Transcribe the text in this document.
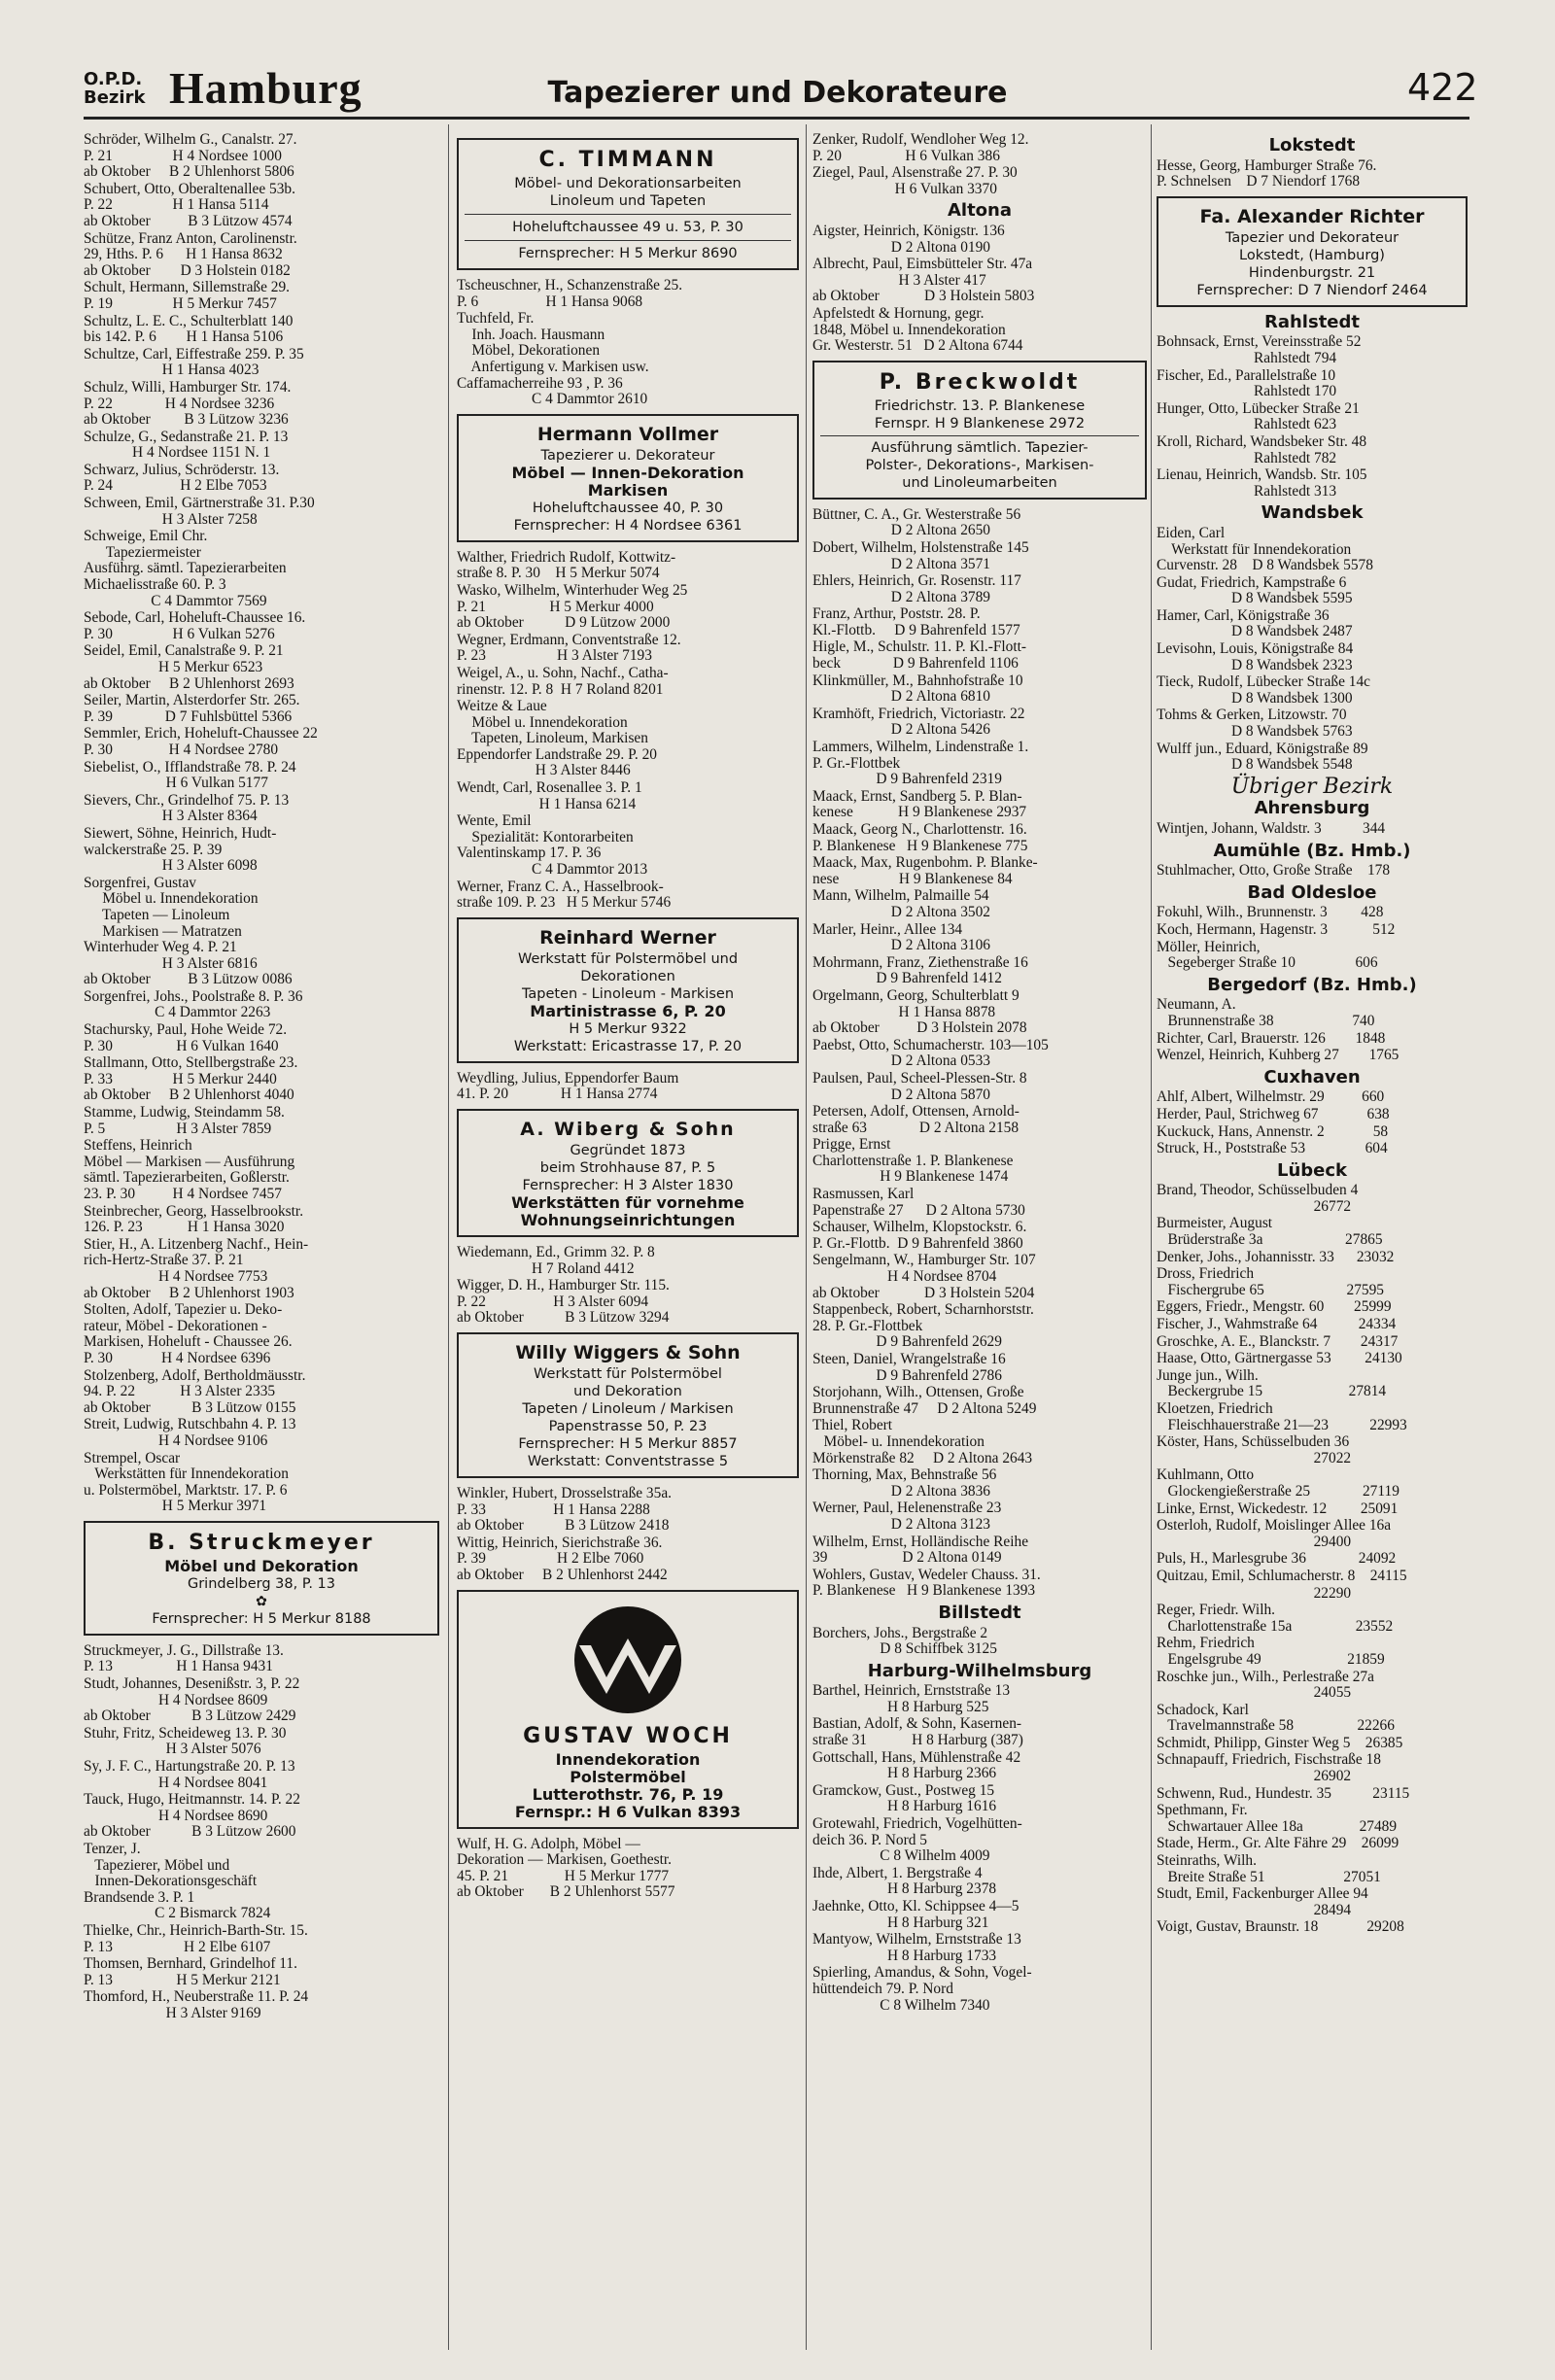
O.P.D. Bezirk Hamburg	Tapezierer und Dekorateure	422
Schröder, Wilhelm G., Canalstr. 27.
P. 21                H 4 Nordsee 1000
ab Oktober     B 2 Uhlenhorst 5806
Schubert, Otto, Oberaltenallee 53b.
P. 22                H 1 Hansa 5114
ab Oktober          B 3 Lützow 4574
Schütze, Franz Anton, Carolinenstr.
29, Hths. P. 6      H 1 Hansa 8632
ab Oktober        D 3 Holstein 0182
Schult, Hermann, Sillemstraße 29.
P. 19                H 5 Merkur 7457
Schultz, L. E. C., Schulterblatt 140
bis 142. P. 6        H 1 Hansa 5106
Schultze, Carl, Eiffestraße 259. P. 35
H 1 Hansa 4023
Schulz, Willi, Hamburger Str. 174.
P. 22              H 4 Nordsee 3236
ab Oktober         B 3 Lützow 3236
Schulze, G., Sedanstraße 21. P. 13
H 4 Nordsee 1151 N. 1
Schwarz, Julius, Schröderstr. 13.
P. 24                  H 2 Elbe 7053
Schween, Emil, Gärtnerstraße 31. P.30
H 3 Alster 7258
Schweige, Emil Chr.
Tapeziermeister
Ausführg. sämtl. Tapezierarbeiten
Michaelisstraße 60. P. 3
C 4 Dammtor 7569
Sebode, Carl, Hoheluft-Chaussee 16.
P. 30                H 6 Vulkan 5276
Seidel, Emil, Canalstraße 9. P. 21
H 5 Merkur 6523
ab Oktober     B 2 Uhlenhorst 2693
Seiler, Martin, Alsterdorfer Str. 265.
P. 39              D 7 Fuhlsbüttel 5366
Semmler, Erich, Hoheluft-Chaussee 22
P. 30               H 4 Nordsee 2780
Siebelist, O., Ifflandstraße 78. P. 24
H 6 Vulkan 5177
Sievers, Chr., Grindelhof 75. P. 13
H 3 Alster 8364
Siewert, Söhne, Heinrich, Hudt-
walckerstraße 25. P. 39
H 3 Alster 6098
Sorgenfrei, Gustav
Möbel u. Innendekoration
Tapeten — Linoleum
Markisen — Matratzen
Winterhuder Weg 4. P. 21
H 3 Alster 6816
ab Oktober          B 3 Lützow 0086
Sorgenfrei, Johs., Poolstraße 8. P. 36
C 4 Dammtor 2263
Stachursky, Paul, Hohe Weide 72.
P. 30                 H 6 Vulkan 1640
Stallmann, Otto, Stellbergstraße 23.
P. 33                H 5 Merkur 2440
ab Oktober     B 2 Uhlenhorst 4040
Stamme, Ludwig, Steindamm 58.
P. 5                   H 3 Alster 7859
Steffens, Heinrich
Möbel — Markisen — Ausführung
sämtl. Tapezierarbeiten, Goßlerstr.
23. P. 30          H 4 Nordsee 7457
Steinbrecher, Georg, Hasselbrookstr.
126. P. 23            H 1 Hansa 3020
Stier, H., A. Litzenberg Nachf., Hein-
rich-Hertz-Straße 37. P. 21
H 4 Nordsee 7753
ab Oktober     B 2 Uhlenhorst 1903
Stolten, Adolf, Tapezier u. Deko-
rateur, Möbel - Dekorationen -
Markisen, Hoheluft - Chaussee 26.
P. 30             H 4 Nordsee 6396
Stolzenberg, Adolf, Bertholdmäusstr.
94. P. 22            H 3 Alster 2335
ab Oktober           B 3 Lützow 0155
Streit, Ludwig, Rutschbahn 4. P. 13
H 4 Nordsee 9106
Strempel, Oscar
Werkstätten für Innendekoration
u. Polstermöbel, Marktstr. 17. P. 6
H 5 Merkur 3971
B. Struckmeyer
Möbel und Dekoration
Grindelberg 38, P. 13
✿
Fernsprecher: H 5 Merkur 8188
Struckmeyer, J. G., Dillstraße 13.
P. 13                 H 1 Hansa 9431
Studt, Johannes, Desenißstr. 3, P. 22
H 4 Nordsee 8609
ab Oktober           B 3 Lützow 2429
Stuhr, Fritz, Scheideweg 13. P. 30
H 3 Alster 5076
Sy, J. F. C., Hartungstraße 20. P. 13
H 4 Nordsee 8041
Tauck, Hugo, Heitmannstr. 14. P. 22
H 4 Nordsee 8690
ab Oktober           B 3 Lützow 2600
Tenzer, J.
Tapezierer, Möbel und
Innen-Dekorationsgeschäft
Brandsende 3. P. 1
C 2 Bismarck 7824
Thielke, Chr., Heinrich-Barth-Str. 15.
P. 13                   H 2 Elbe 6107
Thomsen, Bernhard, Grindelhof 11.
P. 13                 H 5 Merkur 2121
Thomford, H., Neuberstraße 11. P. 24
H 3 Alster 9169
C. TIMMANN
Möbel- und Dekorationsarbeiten
Linoleum und Tapeten
Hoheluftchaussee 49 u. 53, P. 30
Fernsprecher: H 5 Merkur 8690
Tscheuschner, H., Schanzenstraße 25.
P. 6                  H 1 Hansa 9068
Tuchfeld, Fr.
Inh. Joach. Hausmann
Möbel, Dekorationen
Anfertigung v. Markisen usw.
Caffamacherreihe 93 , P. 36
C 4 Dammtor 2610
Hermann Vollmer
Tapezierer u. Dekorateur
Möbel — Innen-Dekoration
Markisen
Hoheluftchaussee 40, P. 30
Fernsprecher: H 4 Nordsee 6361
Walther, Friedrich Rudolf, Kottwitz-
straße 8. P. 30    H 5 Merkur 5074
Wasko, Wilhelm, Winterhuder Weg 25
P. 21                 H 5 Merkur 4000
ab Oktober           D 9 Lützow 2000
Wegner, Erdmann, Conventstraße 12.
P. 23                   H 3 Alster 7193
Weigel, A., u. Sohn, Nachf., Catha-
rinenstr. 12. P. 8  H 7 Roland 8201
Weitze & Laue
Möbel u. Innendekoration
Tapeten, Linoleum, Markisen
Eppendorfer Landstraße 29. P. 20
H 3 Alster 8446
Wendt, Carl, Rosenallee 3. P. 1
H 1 Hansa 6214
Wente, Emil
Spezialität: Kontorarbeiten
Valentinskamp 17. P. 36
C 4 Dammtor 2013
Werner, Franz C. A., Hasselbrook-
straße 109. P. 23   H 5 Merkur 5746
Reinhard Werner
Werkstatt für Polstermöbel und
Dekorationen
Tapeten - Linoleum - Markisen
Martinistrasse 6, P. 20
H 5 Merkur 9322
Werkstatt: Ericastrasse 17, P. 20
Weydling, Julius, Eppendorfer Baum
41. P. 20              H 1 Hansa 2774
A. Wiberg & Sohn
Gegründet 1873
beim Strohhause 87, P. 5
Fernsprecher: H 3 Alster 1830
Werkstätten für vornehme
Wohnungseinrichtungen
Wiedemann, Ed., Grimm 32. P. 8
H 7 Roland 4412
Wigger, D. H., Hamburger Str. 115.
P. 22                  H 3 Alster 6094
ab Oktober           B 3 Lützow 3294
Willy Wiggers & Sohn
Werkstatt für Polstermöbel
und Dekoration
Tapeten / Linoleum / Markisen
Papenstrasse 50, P. 23
Fernsprecher: H 5 Merkur 8857
Werkstatt: Conventstrasse 5
Winkler, Hubert, Drosselstraße 35a.
P. 33                  H 1 Hansa 2288
ab Oktober           B 3 Lützow 2418
Wittig, Heinrich, Sierichstraße 36.
P. 39                   H 2 Elbe 7060
ab Oktober     B 2 Uhlenhorst 2442
GUSTAV WOCH
Innendekoration
Polstermöbel
Lutterothstr. 76, P. 19
Fernspr.: H 6 Vulkan 8393
Wulf, H. G. Adolph, Möbel —
Dekoration — Markisen, Goethestr.
45. P. 21               H 5 Merkur 1777
ab Oktober       B 2 Uhlenhorst 5577
Zenker, Rudolf, Wendloher Weg 12.
P. 20                 H 6 Vulkan 386
Ziegel, Paul, Alsenstraße 27. P. 30
H 6 Vulkan 3370
Altona
Aigster, Heinrich, Königstr. 136
D 2 Altona 0190
Albrecht, Paul, Eimsbütteler Str. 47a
H 3 Alster 417
ab Oktober            D 3 Holstein 5803
Apfelstedt & Hornung, gegr.
1848, Möbel u. Innendekoration
Gr. Westerstr. 51   D 2 Altona 6744
P. Breckwoldt
Friedrichstr. 13. P. Blankenese
Fernspr. H 9 Blankenese 2972
Ausführung sämtlich. Tapezier-
Polster-, Dekorations-, Markisen-
und Linoleumarbeiten
Büttner, C. A., Gr. Westerstraße 56
D 2 Altona 2650
Dobert, Wilhelm, Holstenstraße 145
D 2 Altona 3571
Ehlers, Heinrich, Gr. Rosenstr. 117
D 2 Altona 3789
Franz, Arthur, Poststr. 28. P.
Kl.-Flottb.     D 9 Bahrenfeld 1577
Higle, M., Schulstr. 11. P. Kl.-Flott-
beck              D 9 Bahrenfeld 1106
Klinkmüller, M., Bahnhofstraße 10
D 2 Altona 6810
Kramhöft, Friedrich, Victoriastr. 22
D 2 Altona 5426
Lammers, Wilhelm, Lindenstraße 1.
P. Gr.-Flottbek
D 9 Bahrenfeld 2319
Maack, Ernst, Sandberg 5. P. Blan-
kenese            H 9 Blankenese 2937
Maack, Georg N., Charlottenstr. 16.
P. Blankenese   H 9 Blankenese 775
Maack, Max, Rugenbohm. P. Blanke-
nese                H 9 Blankenese 84
Mann, Wilhelm, Palmaille 54
D 2 Altona 3502
Marler, Heinr., Allee 134
D 2 Altona 3106
Mohrmann, Franz, Ziethenstraße 16
D 9 Bahrenfeld 1412
Orgelmann, Georg, Schulterblatt 9
H 1 Hansa 8878
ab Oktober          D 3 Holstein 2078
Paebst, Otto, Schumacherstr. 103—105
D 2 Altona 0533
Paulsen, Paul, Scheel-Plessen-Str. 8
D 2 Altona 5870
Petersen, Adolf, Ottensen, Arnold-
straße 63              D 2 Altona 2158
Prigge, Ernst
Charlottenstraße 1. P. Blankenese
H 9 Blankenese 1474
Rasmussen, Karl
Papenstraße 27      D 2 Altona 5730
Schauser, Wilhelm, Klopstockstr. 6.
P. Gr.-Flottb.  D 9 Bahrenfeld 3860
Sengelmann, W., Hamburger Str. 107
H 4 Nordsee 8704
ab Oktober            D 3 Holstein 5204
Stappenbeck, Robert, Scharnhorststr.
28. P. Gr.-Flottbek
D 9 Bahrenfeld 2629
Steen, Daniel, Wrangelstraße 16
D 9 Bahrenfeld 2786
Storjohann, Wilh., Ottensen, Große
Brunnenstraße 47     D 2 Altona 5249
Thiel, Robert
Möbel- u. Innendekoration
Mörkenstraße 82     D 2 Altona 2643
Thorning, Max, Behnstraße 56
D 2 Altona 3836
Werner, Paul, Helenenstraße 23
D 2 Altona 3123
Wilhelm, Ernst, Holländische Reihe
39                    D 2 Altona 0149
Wohlers, Gustav, Wedeler Chauss. 31.
P. Blankenese   H 9 Blankenese 1393
Billstedt
Borchers, Johs., Bergstraße 2
D 8 Schiffbek 3125
Harburg-Wilhelmsburg
Barthel, Heinrich, Ernststraße 13
H 8 Harburg 525
Bastian, Adolf, & Sohn, Kasernen-
straße 31            H 8 Harburg (387)
Gottschall, Hans, Mühlenstraße 42
H 8 Harburg 2366
Gramckow, Gust., Postweg 15
H 8 Harburg 1616
Grotewahl, Friedrich, Vogelhütten-
deich 36. P. Nord 5
C 8 Wilhelm 4009
Ihde, Albert, 1. Bergstraße 4
H 8 Harburg 2378
Jaehnke, Otto, Kl. Schippsee 4—5
H 8 Harburg 321
Mantyow, Wilhelm, Ernststraße 13
H 8 Harburg 1733
Spierling, Amandus, & Sohn, Vogel-
hüttendeich 79. P. Nord
C 8 Wilhelm 7340
Lokstedt
Hesse, Georg, Hamburger Straße 76.
P. Schnelsen    D 7 Niendorf 1768
Fa. Alexander Richter
Tapezier und Dekorateur
Lokstedt, (Hamburg)
Hindenburgstr. 21
Fernsprecher: D 7 Niendorf 2464
Rahlstedt
Bohnsack, Ernst, Vereinsstraße 52
Rahlstedt 794
Fischer, Ed., Parallelstraße 10
Rahlstedt 170
Hunger, Otto, Lübecker Straße 21
Rahlstedt 623
Kroll, Richard, Wandsbeker Str. 48
Rahlstedt 782
Lienau, Heinrich, Wandsb. Str. 105
Rahlstedt 313
Wandsbek
Eiden, Carl
Werkstatt für Innendekoration
Curvenstr. 28    D 8 Wandsbek 5578
Gudat, Friedrich, Kampstraße 6
D 8 Wandsbek 5595
Hamer, Carl, Königstraße 36
D 8 Wandsbek 2487
Levisohn, Louis, Königstraße 84
D 8 Wandsbek 2323
Tieck, Rudolf, Lübecker Straße 14c
D 8 Wandsbek 1300
Tohms & Gerken, Litzowstr. 70
D 8 Wandsbek 5763
Wulff jun., Eduard, Königstraße 89
D 8 Wandsbek 5548
Übriger Bezirk
Ahrensburg
Wintjen, Johann, Waldstr. 3           344
Aumühle (Bz. Hmb.)
Stuhlmacher, Otto, Große Straße    178
Bad Oldesloe
Fokuhl, Wilh., Brunnenstr. 3         428
Koch, Hermann, Hagenstr. 3            512
Möller, Heinrich,
Segeberger Straße 10                606
Bergedorf (Bz. Hmb.)
Neumann, A.
Brunnenstraße 38                     740
Richter, Carl, Brauerstr. 126        1848
Wenzel, Heinrich, Kuhberg 27        1765
Cuxhaven
Ahlf, Albert, Wilhelmstr. 29          660
Herder, Paul, Strichweg 67             638
Kuckuck, Hans, Annenstr. 2             58
Struck, H., Poststraße 53                604
Lübeck
Brand, Theodor, Schüsselbuden 4
26772
Burmeister, August
Brüderstraße 3a                      27865
Denker, Johs., Johannisstr. 33      23032
Dross, Friedrich
Fischergrube 65                      27595
Eggers, Friedr., Mengstr. 60        25999
Fischer, J., Wahmstraße 64           24334
Groschke, A. E., Blanckstr. 7        24317
Haase, Otto, Gärtnergasse 53         24130
Junge jun., Wilh.
Beckergrube 15                       27814
Kloetzen, Friedrich
Fleischhauerstraße 21—23           22993
Köster, Hans, Schüsselbuden 36
27022
Kuhlmann, Otto
Glockengießerstraße 25              27119
Linke, Ernst, Wickedestr. 12         25091
Osterloh, Rudolf, Moislinger Allee 16a
29400
Puls, H., Marlesgrube 36              24092
Quitzau, Emil, Schlumacherstr. 8    24115
22290
Reger, Friedr. Wilh.
Charlottenstraße 15a                 23552
Rehm, Friedrich
Engelsgrube 49                       21859
Roschke jun., Wilh., Perlestraße 27a
24055
Schadock, Karl
Travelmannstraße 58                 22266
Schmidt, Philipp, Ginster Weg 5    26385
Schnapauff, Friedrich, Fischstraße 18
26902
Schwenn, Rud., Hundestr. 35           23115
Spethmann, Fr.
Schwartauer Allee 18a               27489
Stade, Herm., Gr. Alte Fähre 29    26099
Steinraths, Wilh.
Breite Straße 51                     27051
Studt, Emil, Fackenburger Allee 94
28494
Voigt, Gustav, Braunstr. 18             29208
